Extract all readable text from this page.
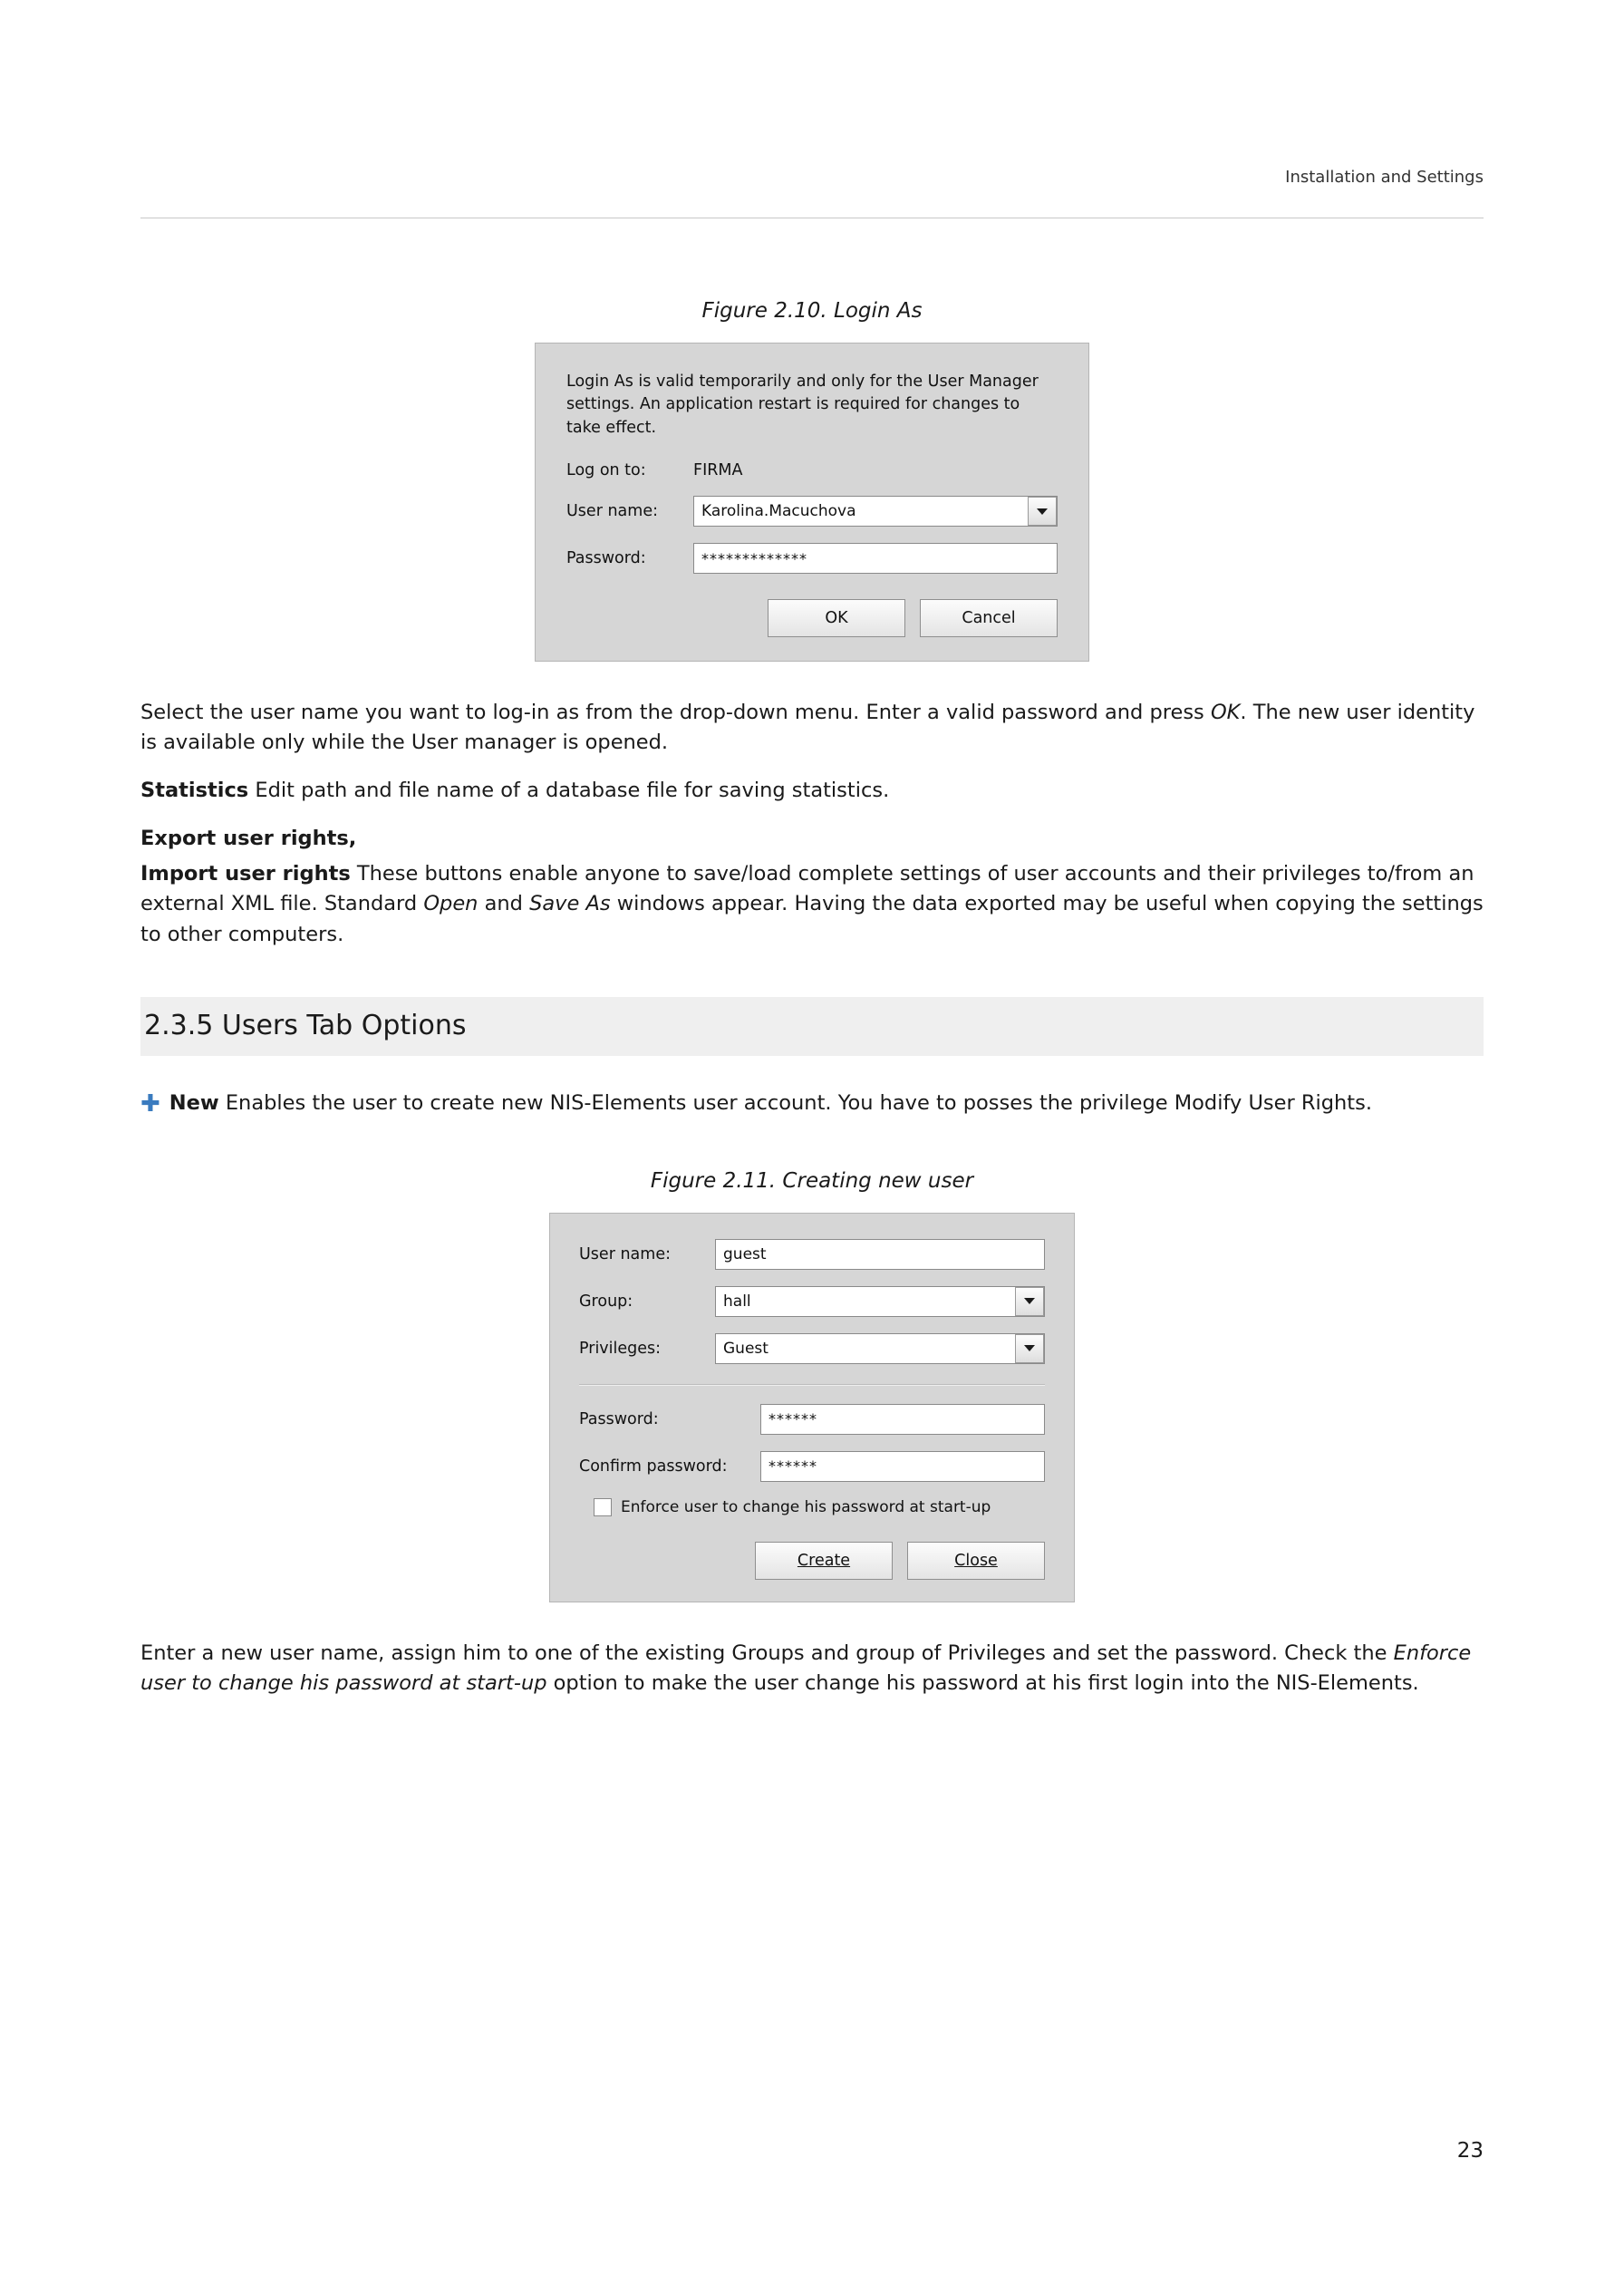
Installation and Settings
Figure 2.10. Login As
Login As is valid temporarily and only for the User Manager settings. An application restart is required for changes to take effect.
Log on to:	FIRMA
User name:	Karolina.Macuchova
Password:	*************
OK	Cancel

Select the user name you want to log-in as from the drop-down menu. Enter a valid password and press OK. The new user identity is available only while the User manager is opened.

Statistics Edit path and file name of a database file for saving statistics.

Export user rights,

Import user rights These buttons enable anyone to save/load complete settings of user accounts and their privileges to/from an external XML file. Standard Open and Save As windows appear. Having the data exported may be useful when copying the settings to other computers.

2.3.5 Users Tab Options

✚ New Enables the user to create new NIS-Elements user account. You have to posses the privilege Modify User Rights.

Figure 2.11. Creating new user
User name:	guest
Group:	hall
Privileges:	Guest
Password:	******
Confirm password:	******
Enforce user to change his password at start-up
Create	Close

Enter a new user name, assign him to one of the existing Groups and group of Privileges and set the password. Check the Enforce user to change his password at start-up option to make the user change his password at his first login into the NIS-Elements.

23
